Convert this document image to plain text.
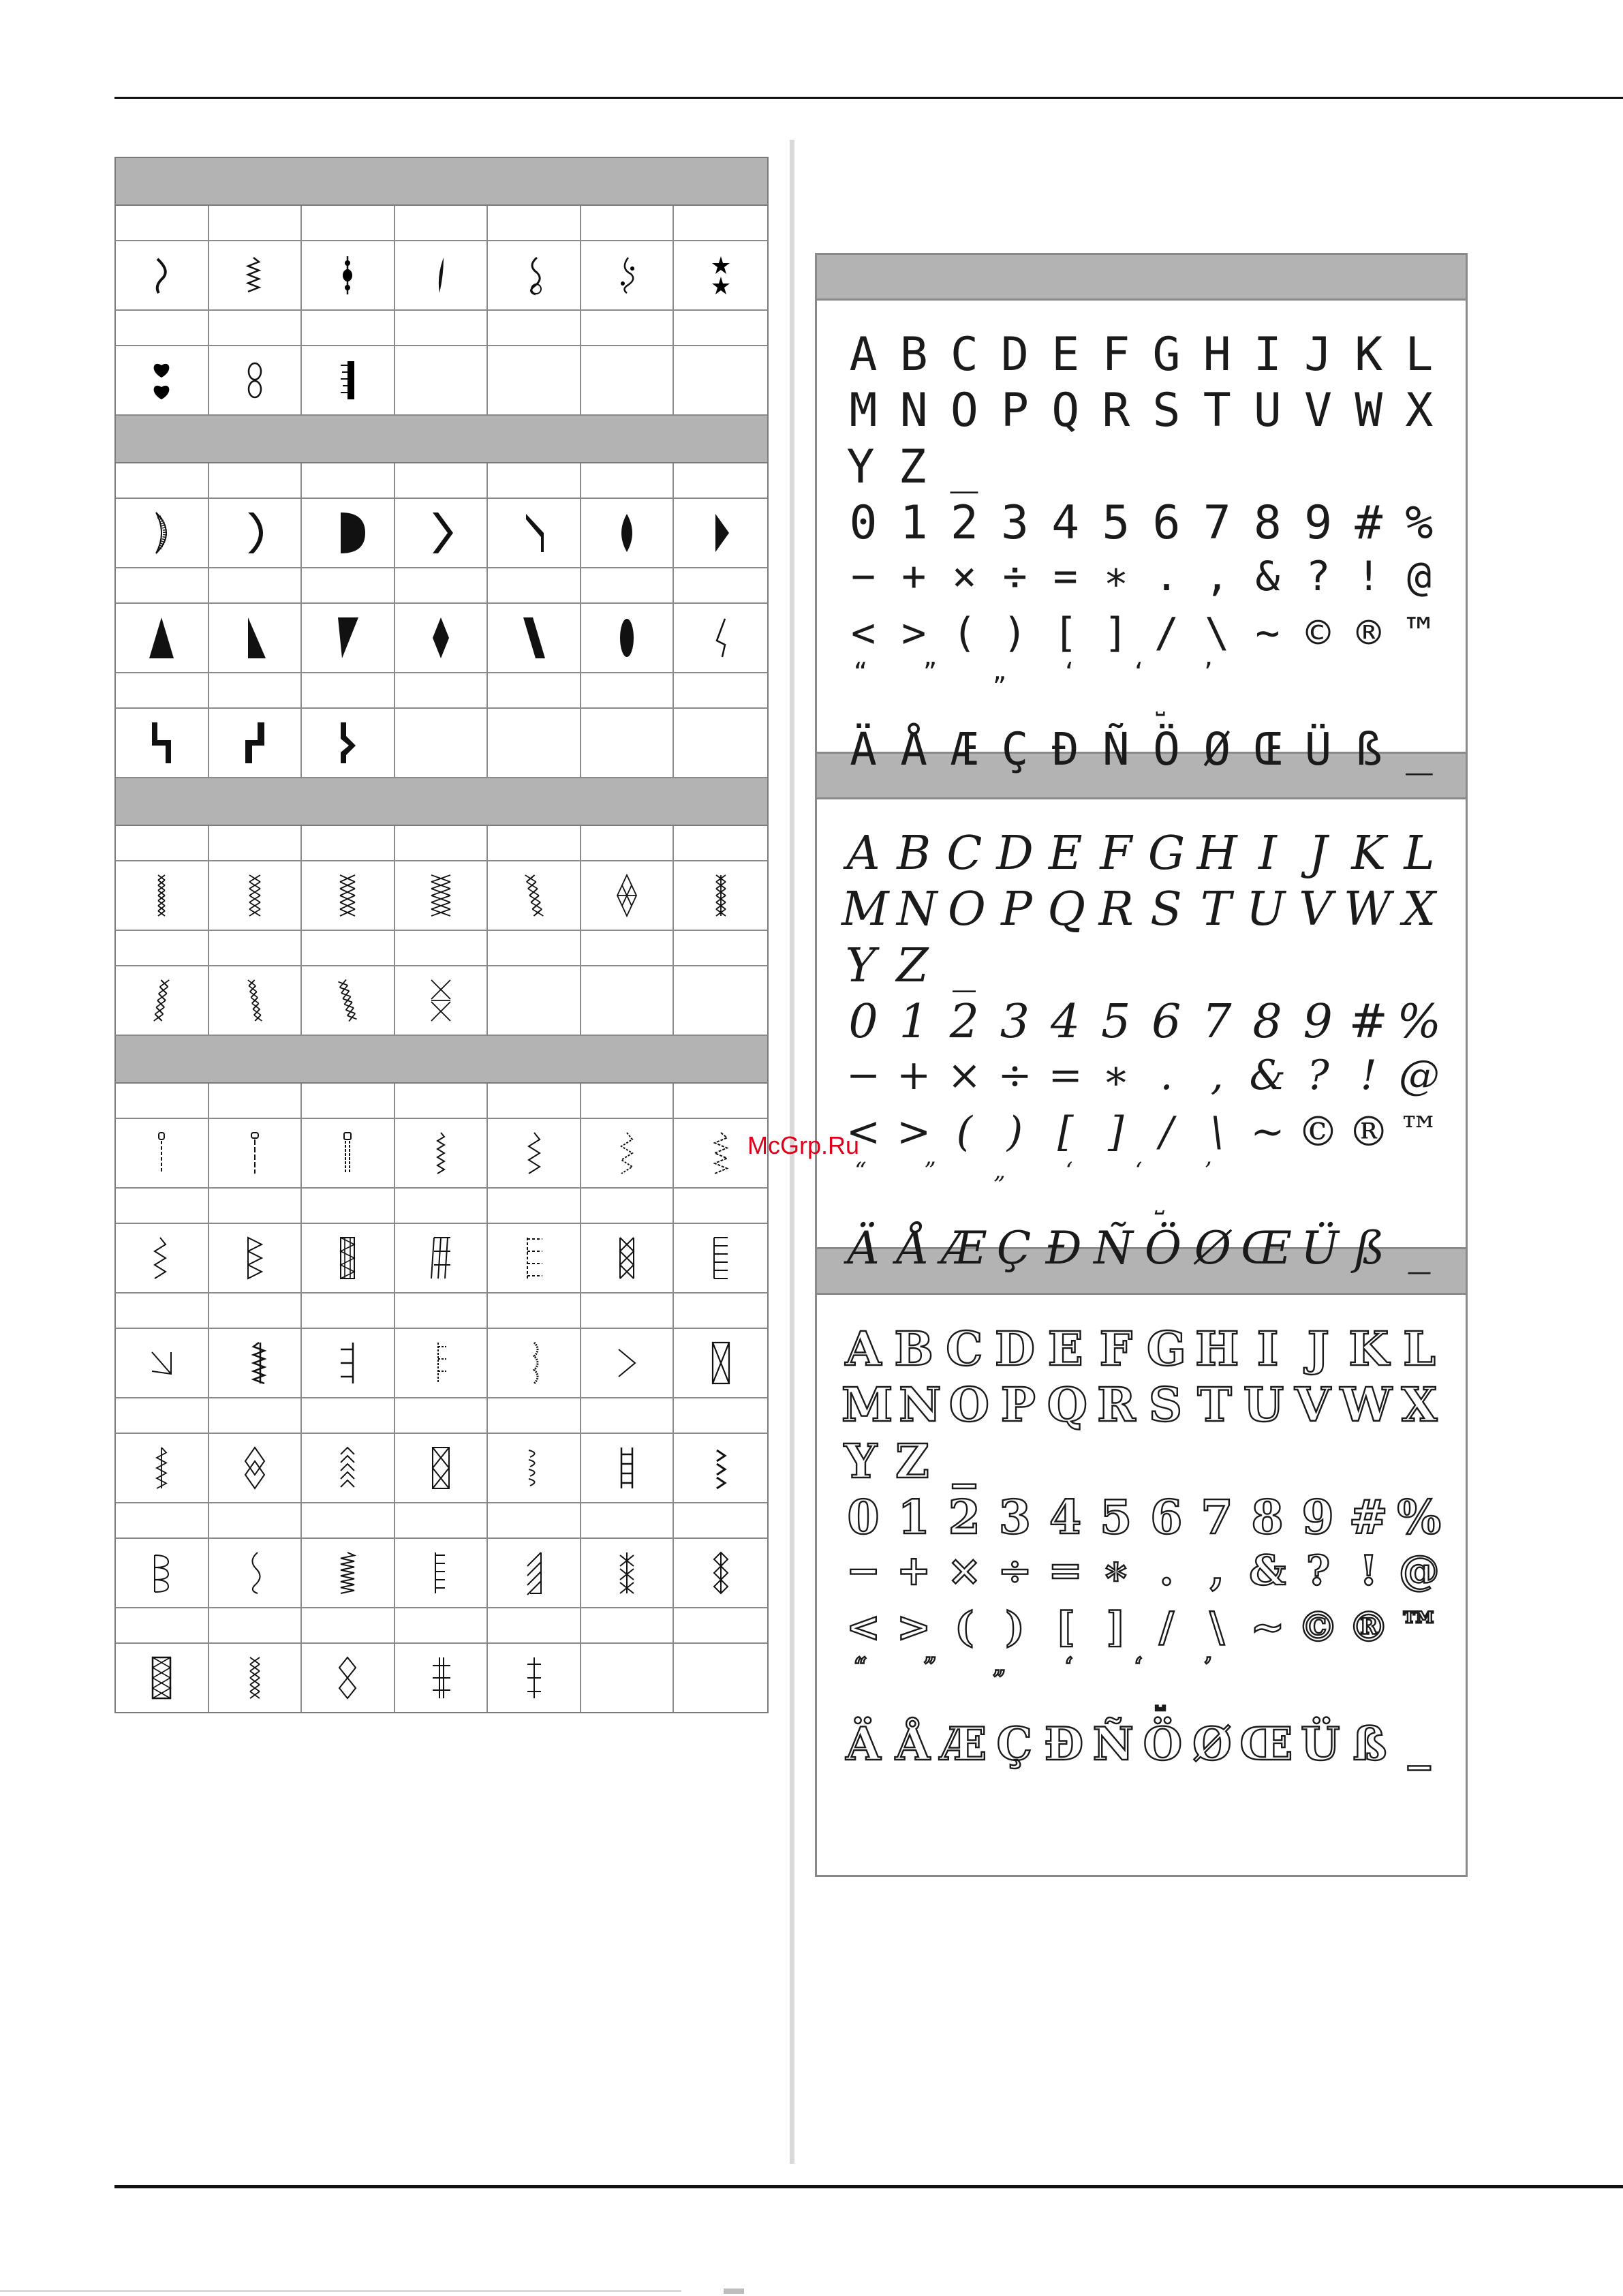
A B C D E F G H I J K L
M N O P Q R S T U V W X
Y Z _
0 1 2 3 4 5 6 7 8 9 # %
− + × ÷ = ∗ . , & ? ! @
< > ( ) [ ] / \ ~ © ® ™
“	”	„	‘	‘	’
⎵
Ä Å Æ Ç Đ Ñ Ö Ø Œ Ü ß _
A B C D E F G H I J K L
M N O P Q R S T U V W X
Y Z _
0 1 2 3 4 5 6 7 8 9 # %
− + × ÷ = ∗ . , & ? ! @
< > ( ) [ ] / \ ~ © ® ™
“	”	„	‘	‘	’
⎵
Ä Å Æ Ç Đ Ñ Ö Ø Œ Ü ß _
A B C D E F G H I J K L
M N O P Q R S T U V W X
Y Z _
0 1 2 3 4 5 6 7 8 9 # %
− + × ÷ = ∗ . , & ? ! @
< > ( ) [ ] / \ ~ © ® ™
“	”	„	‘	‘	’
⎵
Ä Å Æ Ç Đ Ñ Ö Ø Œ Ü ß _
McGrp.Ru
